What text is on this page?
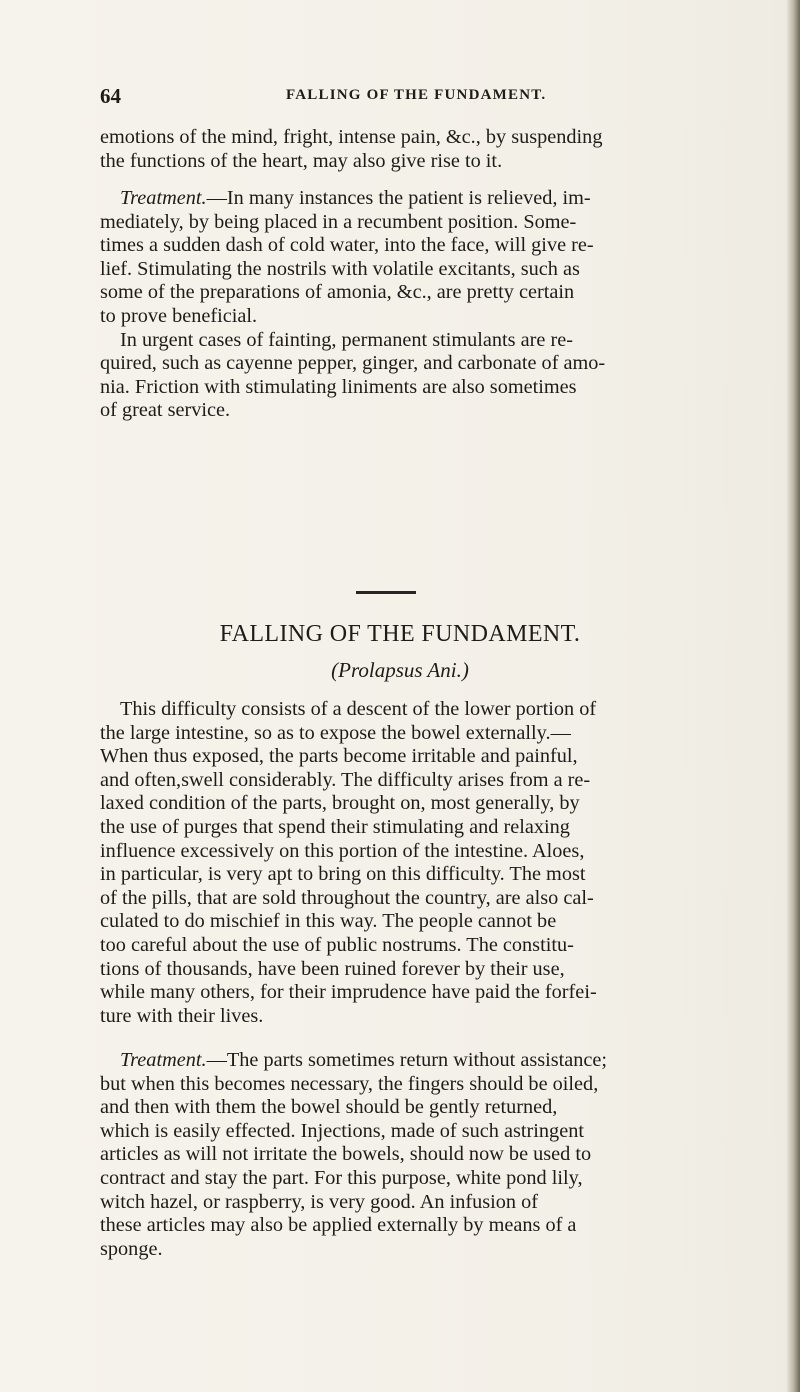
64	FALLING OF THE FUNDAMENT.
emotions of the mind, fright, intense pain, &c., by suspending
the functions of the heart, may also give rise to it.
Treatment.—In many instances the patient is relieved, im-
mediately, by being placed in a recumbent position. Some-
times a sudden dash of cold water, into the face, will give re-
lief. Stimulating the nostrils with volatile excitants, such as
some of the preparations of amonia, &c., are pretty certain
to prove beneficial.
In urgent cases of fainting, permanent stimulants are re-
quired, such as cayenne pepper, ginger, and carbonate of amo-
nia. Friction with stimulating liniments are also sometimes
of great service.
FALLING OF THE FUNDAMENT.
(Prolapsus Ani.)
This difficulty consists of a descent of the lower portion of
the large intestine, so as to expose the bowel externally.—
When thus exposed, the parts become irritable and painful,
and often,swell considerably. The difficulty arises from a re-
laxed condition of the parts, brought on, most generally, by
the use of purges that spend their stimulating and relaxing
influence excessively on this portion of the intestine. Aloes,
in particular, is very apt to bring on this difficulty. The most
of the pills, that are sold throughout the country, are also cal-
culated to do mischief in this way. The people cannot be
too careful about the use of public nostrums. The constitu-
tions of thousands, have been ruined forever by their use,
while many others, for their imprudence have paid the forfei-
ture with their lives.
Treatment.—The parts sometimes return without assistance;
but when this becomes necessary, the fingers should be oiled,
and then with them the bowel should be gently returned,
which is easily effected. Injections, made of such astringent
articles as will not irritate the bowels, should now be used to
contract and stay the part. For this purpose, white pond lily,
witch hazel, or raspberry, is very good. An infusion of
these articles may also be applied externally by means of a
sponge.
